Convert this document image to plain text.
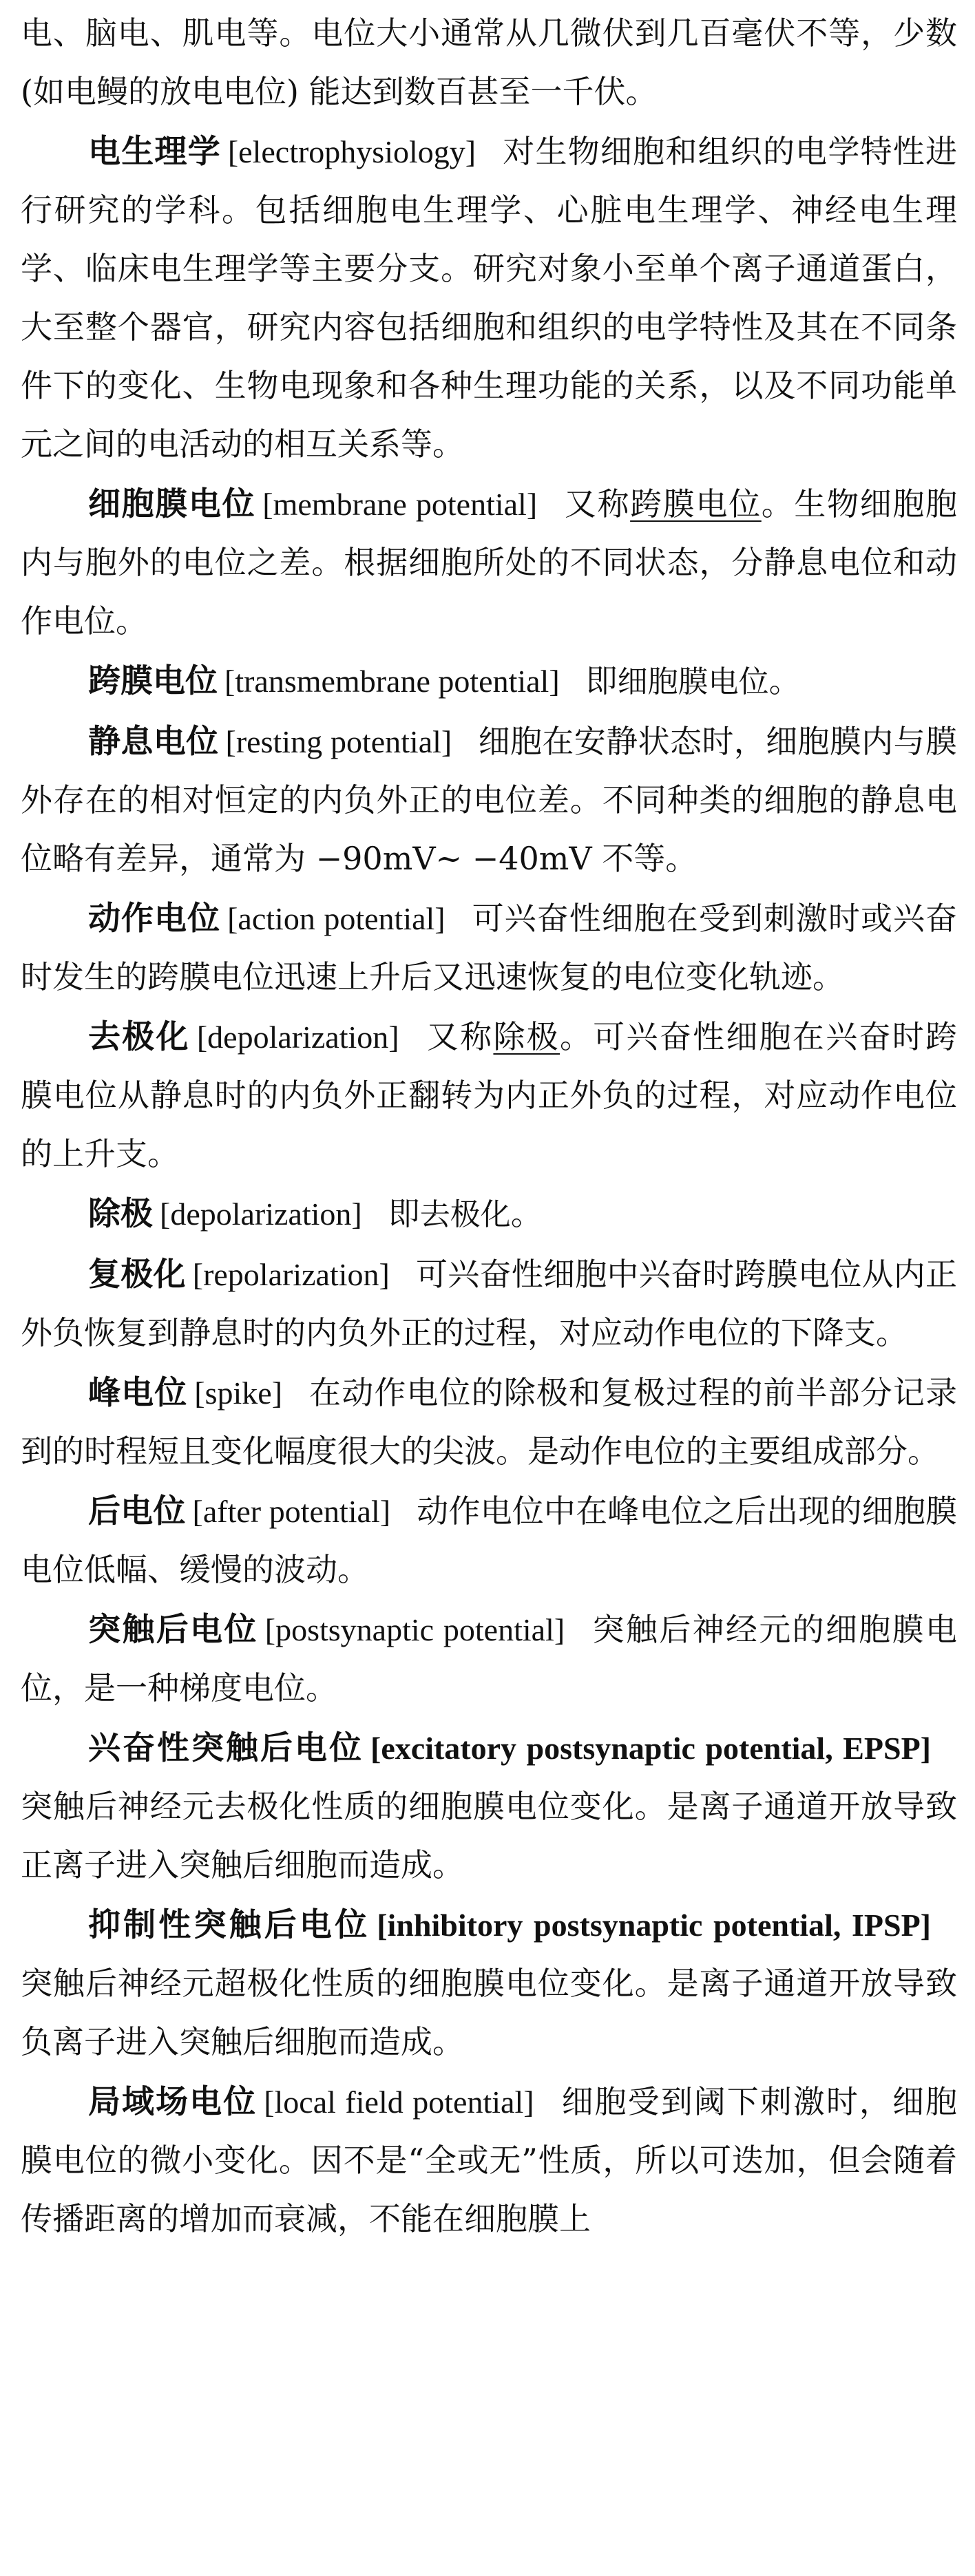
电、脑电、肌电等。电位大小通常从几微伏到几百毫伏不等，少数 (如电鳗的放电电位) 能达到数百甚至一千伏。

电生理学 [electrophysiology] 对生物细胞和组织的电学特性进行研究的学科。包括细胞电生理学、心脏电生理学、神经电生理学、临床电生理学等主要分支。研究对象小至单个离子通道蛋白，大至整个器官，研究内容包括细胞和组织的电学特性及其在不同条件下的变化、生物电现象和各种生理功能的关系，以及不同功能单元之间的电活动的相互关系等。

细胞膜电位 [membrane potential] 又称跨膜电位。生物细胞胞内与胞外的电位之差。根据细胞所处的不同状态，分静息电位和动作电位。

跨膜电位 [transmembrane potential] 即细胞膜电位。

静息电位 [resting potential] 细胞在安静状态时，细胞膜内与膜外存在的相对恒定的内负外正的电位差。不同种类的细胞的静息电位略有差异，通常为 −90mV∼ −40mV 不等。

动作电位 [action potential] 可兴奋性细胞在受到刺激时或兴奋时发生的跨膜电位迅速上升后又迅速恢复的电位变化轨迹。

去极化 [depolarization] 又称除极。可兴奋性细胞在兴奋时跨膜电位从静息时的内负外正翻转为内正外负的过程，对应动作电位的上升支。

除极 [depolarization] 即去极化。

复极化 [repolarization] 可兴奋性细胞中兴奋时跨膜电位从内正外负恢复到静息时的内负外正的过程，对应动作电位的下降支。

峰电位 [spike] 在动作电位的除极和复极过程的前半部分记录到的时程短且变化幅度很大的尖波。是动作电位的主要组成部分。

后电位 [after potential] 动作电位中在峰电位之后出现的细胞膜电位低幅、缓慢的波动。

突触后电位 [postsynaptic potential] 突触后神经元的细胞膜电位，是一种梯度电位。

兴奋性突触后电位 [excitatory postsynaptic potential, EPSP]突触后神经元去极化性质的细胞膜电位变化。是离子通道开放导致正离子进入突触后细胞而造成。

抑制性突触后电位 [inhibitory postsynaptic potential, IPSP]突触后神经元超极化性质的细胞膜电位变化。是离子通道开放导致负离子进入突触后细胞而造成。

局域场电位 [local field potential] 细胞受到阈下刺激时，细胞膜电位的微小变化。因不是“全或无”性质，所以可迭加，但会随着传播距离的增加而衰减，不能在细胞膜上
